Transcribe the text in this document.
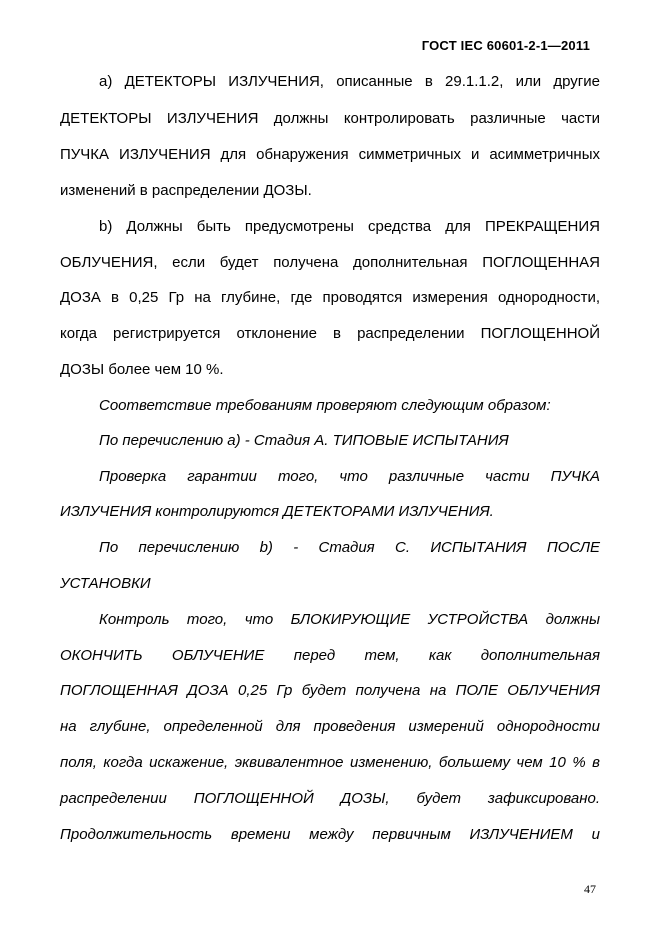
ГОСТ IEC 60601-2-1—2011
а) ДЕТЕКТОРЫ ИЗЛУЧЕНИЯ, описанные в 29.1.1.2, или другие
ДЕТЕКТОРЫ ИЗЛУЧЕНИЯ должны контролировать различные части
ПУЧКА ИЗЛУЧЕНИЯ для обнаружения симметричных и асимметричных
изменений в распределении ДОЗЫ.
b) Должны быть предусмотрены средства для ПРЕКРАЩЕНИЯ
ОБЛУЧЕНИЯ, если будет получена дополнительная ПОГЛОЩЕННАЯ
ДОЗА в 0,25 Гр на глубине, где проводятся измерения однородности,
когда регистрируется отклонение в распределении ПОГЛОЩЕННОЙ
ДОЗЫ более чем 10 %.
Соответствие требованиям проверяют следующим образом:
По перечислению а) - Стадия А. ТИПОВЫЕ ИСПЫТАНИЯ
Проверка гарантии того, что различные части ПУЧКА
ИЗЛУЧЕНИЯ контролируются ДЕТЕКТОРАМИ ИЗЛУЧЕНИЯ.
По перечислению b) - Стадия С. ИСПЫТАНИЯ ПОСЛЕ
УСТАНОВКИ
Контроль того, что БЛОКИРУЮЩИЕ УСТРОЙСТВА должны
ОКОНЧИТЬ ОБЛУЧЕНИЕ перед тем, как дополнительная
ПОГЛОЩЕННАЯ ДОЗА 0,25 Гр будет получена на ПОЛЕ ОБЛУЧЕНИЯ
на глубине, определенной для проведения измерений однородности
поля, когда искажение, эквивалентное изменению, большему чем 10 % в
распределении ПОГЛОЩЕННОЙ ДОЗЫ, будет зафиксировано.
Продолжительность времени между первичным ИЗЛУЧЕНИЕМ и
47
